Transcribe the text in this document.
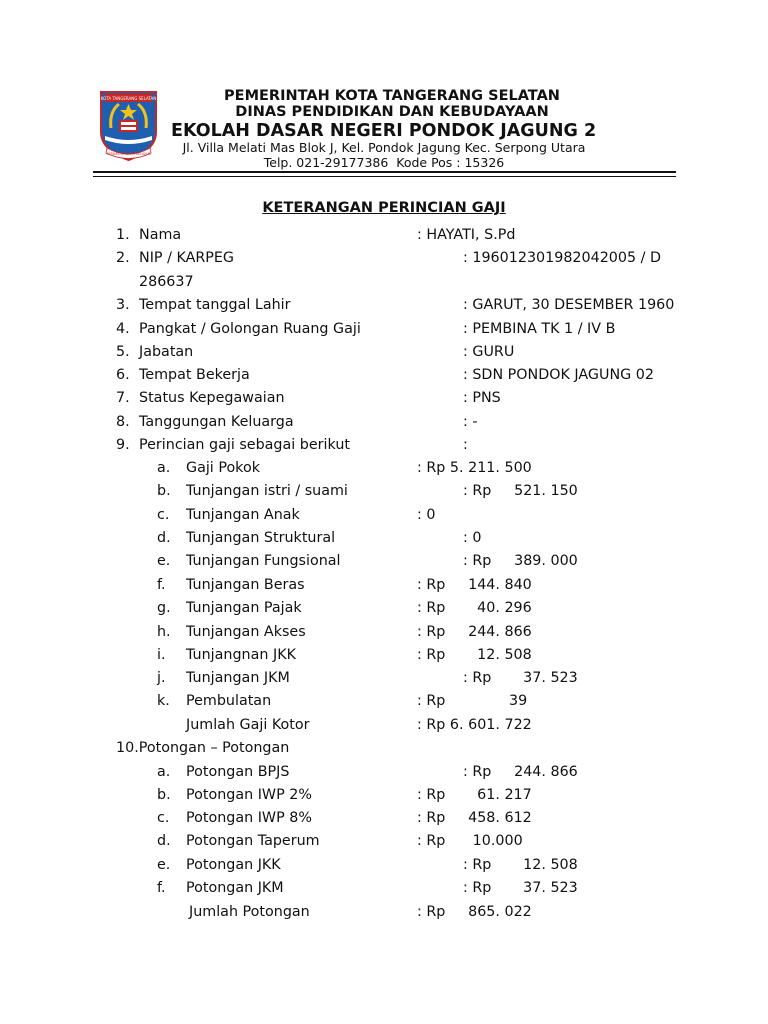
KOTA TANGERANG SELATAN
CERDAS MODERN RELIGIUS
PEMERINTAH KOTA TANGERANG SELATAN
DINAS PENDIDIKAN DAN KEBUDAYAAN
EKOLAH DASAR NEGERI PONDOK JAGUNG 2
Jl. Villa Melati Mas Blok J, Kel. Pondok Jagung Kec. Serpong Utara
Telp. 021-29177386  Kode Pos : 15326
KETERANGAN PERINCIAN GAJI
1. Nama	: HAYATI, S.Pd
2. NIP / KARPEG	: 196012301982042005 / D
286637
3. Tempat tanggal Lahir	: GARUT, 30 DESEMBER 1960
4. Pangkat / Golongan Ruang Gaji	: PEMBINA TK 1 / IV B
5. Jabatan	: GURU
6. Tempat Bekerja	: SDN PONDOK JAGUNG 02
7. Status Kepegawaian	: PNS
8. Tanggungan Keluarga	: -
9. Perincian gaji sebagai berikut	:
a. Gaji Pokok	: Rp 5. 211. 500
b. Tunjangan istri / suami	: Rp     521. 150
c. Tunjangan Anak	: 0
d. Tunjangan Struktural	: 0
e. Tunjangan Fungsional	: Rp     389. 000
f. Tunjangan Beras	: Rp     144. 840
g. Tunjangan Pajak	: Rp       40. 296
h. Tunjangan Akses	: Rp     244. 866
i. Tunjangnan JKK	: Rp       12. 508
j. Tunjangan JKM	: Rp       37. 523
k. Pembulatan	: Rp              39
Jumlah Gaji Kotor	: Rp 6. 601. 722
10.Potongan – Potongan
a. Potongan BPJS	: Rp     244. 866
b. Potongan IWP 2%	: Rp       61. 217
c. Potongan IWP 8%	: Rp     458. 612
d. Potongan Taperum	: Rp      10.000
e. Potongan JKK	: Rp       12. 508
f. Potongan JKM	: Rp       37. 523
Jumlah Potongan	: Rp     865. 022
